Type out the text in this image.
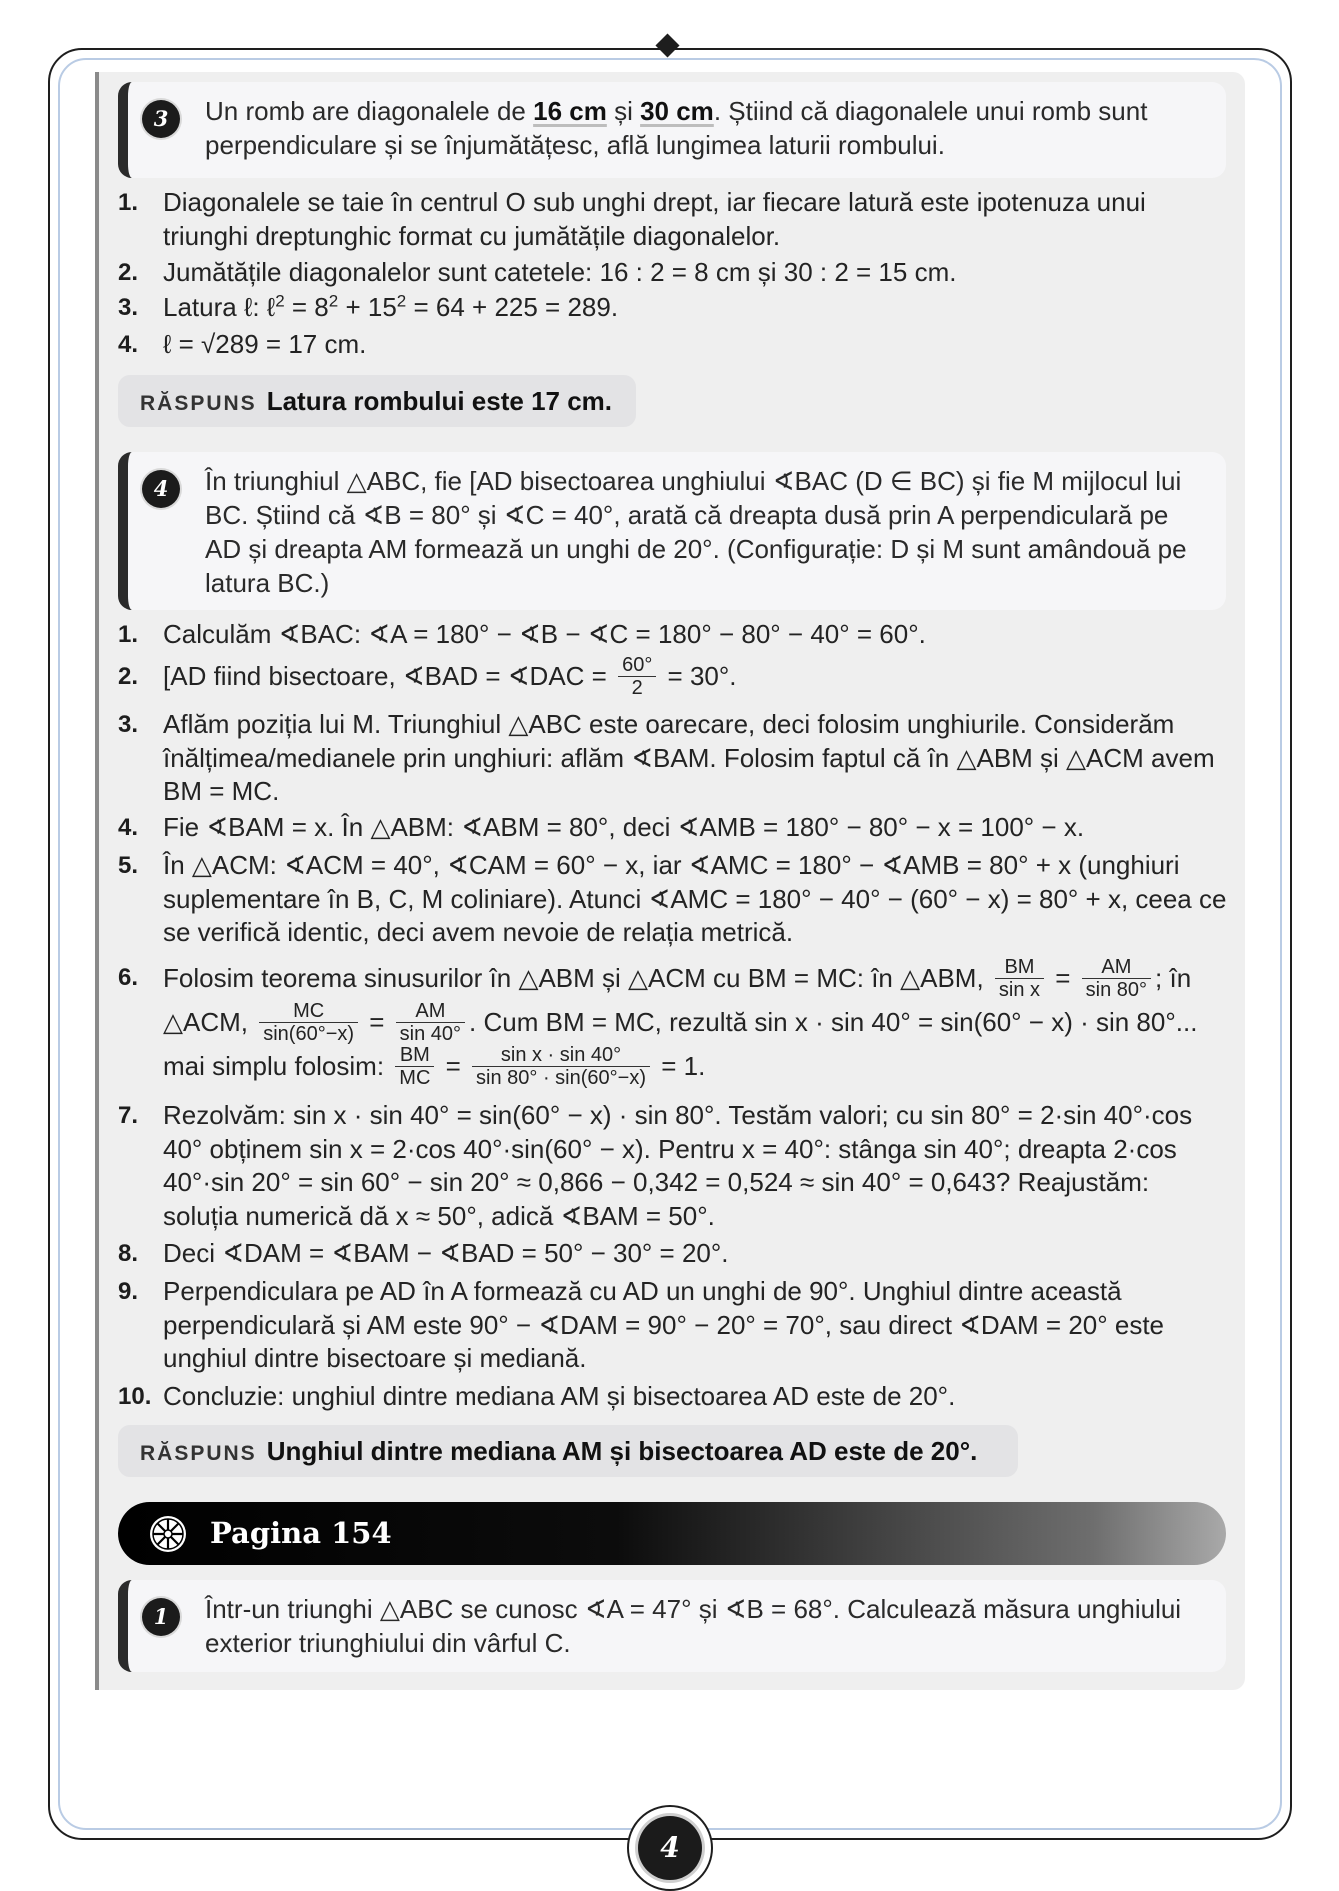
3	Un romb are diagonalele de 16 cm și 30 cm. Știind că diagonalele unui romb sunt perpendiculare și se înjumătățesc, află lungimea laturii rombului.
1. Diagonalele se taie în centrul O sub unghi drept, iar fiecare latură este ipotenuza unui triunghi dreptunghic format cu jumătățile diagonalelor.
2. Jumătățile diagonalelor sunt catetele: 16 : 2 = 8 cm și 30 : 2 = 15 cm.
3. Latura ℓ: ℓ$^2$ = $8^2 + 15^2 = 64 + 225 = 289$.
4. ℓ = √289 = 17 cm.
RĂSPUNS Latura rombului este 17 cm.
4	În triunghiul △ABC, fie [AD bisectoarea unghiului ∢BAC (D ∈ BC) și fie M mijlocul lui BC. Știind că ∢B = 80° și ∢C = 40°, arată că dreapta dusă prin A perpendiculară pe AD și dreapta AM formează un unghi de 20°. (Configurație: D și M sunt amândouă pe latura BC.)
1. Calculăm ∢BAC: ∢A = 180° − ∢B − ∢C = 180° − 80° − 40° = 60°.
2. [AD fiind bisectoare, ∢BAD = ∢DAC = $\frac{60^\circ}{2} = 30^\circ$.
3. Aflăm poziția lui M. Triunghiul △ABC este oarecare, deci folosim unghiurile. Considerăm înălțimea/medianele prin unghiuri: aflăm ∢BAM. Folosim faptul că în △ABM și △ACM avem BM = MC.
4. Fie ∢BAM = x. În △ABM: ∢ABM = 80°, deci ∢AMB = 180° − 80° − x = 100° − x.
5. În △ACM: ∢ACM = 40°, ∢CAM = 60° − x, iar ∢AMC = 180° − ∢AMB = 80° + x (unghiuri suplementare în B, C, M coliniare). Atunci ∢AMC = 180° − 40° − (60° − x) = 80° + x, ceea ce se verifică identic, deci avem nevoie de relația metrică.
6. Folosim teorema sinusurilor în △ABM și △ACM cu BM = MC: în △ABM, $\frac{BM}{\text{sin x}} = \frac{AM}{\sin 80^\circ}$ ; în △ACM, $\frac{MC}{\sin(60^\circ-x)} = \frac{AM}{\sin 40^\circ}$ . Cum BM = MC, rezultă sin x · sin 40° = sin(60° − x) · sin 80°... mai simplu folosim: $\frac{BM}{MC} = \frac{\text{sin x · sin 40°}}{\sin 80^\circ \cdot \sin(60^\circ-x)} = 1$.
7. Rezolvăm: sin x · sin 40° = sin(60° − x) · sin 80°. Testăm valori; cu sin 80° = 2·sin 40°·cos 40° obținem sin x = 2·cos 40°·sin(60° − x). Pentru x = 40°: stânga sin 40°; dreapta 2·cos 40°·sin 20° = sin 60° − sin 20° ≈ 0,866 − 0,342 = 0,524 ≈ sin 40° = 0,643? Reajustăm: soluția numerică dă x ≈ 50°, adică ∢BAM = 50°.
8. Deci ∢DAM = ∢BAM − ∢BAD = 50° − 30° = 20°.
9. Perpendiculara pe AD în A formează cu AD un unghi de 90°. Unghiul dintre această perpendiculară și AM este 90° − ∢DAM = 90° − 20° = 70°, sau direct ∢DAM = 20° este unghiul dintre bisectoare și mediană.
10. Concluzie: unghiul dintre mediana AM și bisectoarea AD este de 20°.
RĂSPUNS Unghiul dintre mediana AM și bisectoarea AD este de 20°.
Pagina 154
1	Într-un triunghi △ABC se cunosc ∢A = 47° și ∢B = 68°. Calculează măsura unghiului exterior triunghiului din vârful C.
4
